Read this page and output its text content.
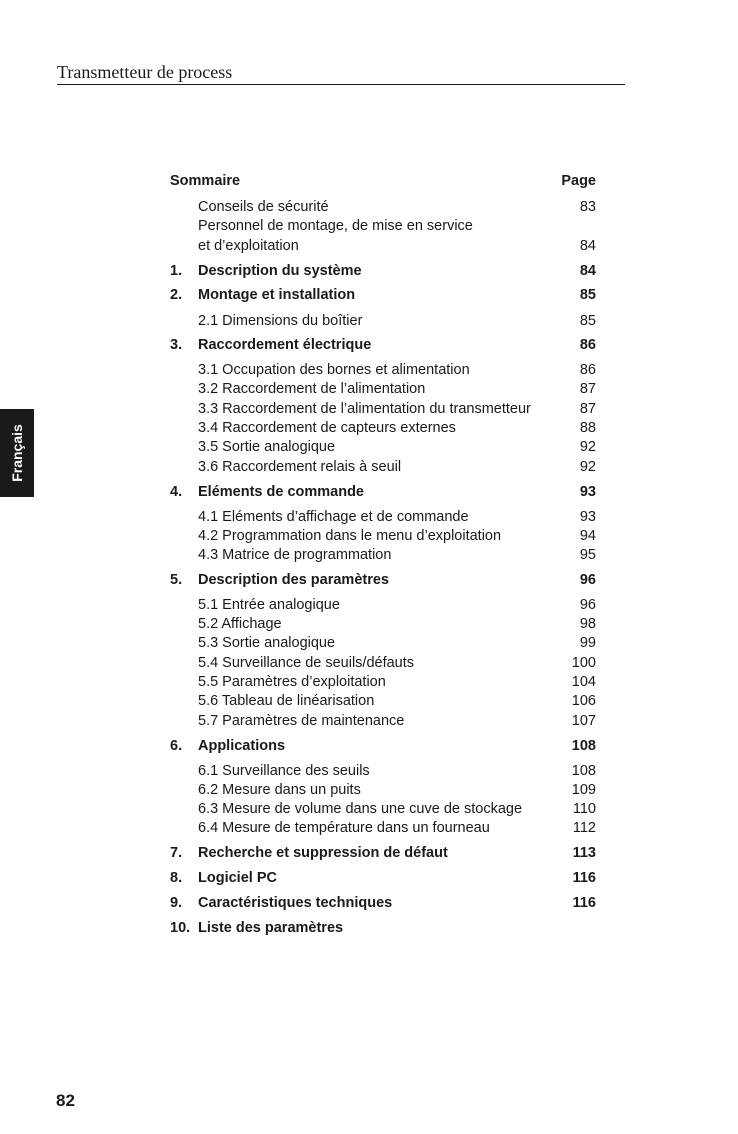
Transmetteur de process
Français
Sommaire	Page
Conseils de sécurité	83
Personnel de montage, de mise en service
et d’exploitation	84
1. Description du système	84
2. Montage et installation	85
2.1 Dimensions du boîtier	85
3. Raccordement électrique	86
3.1 Occupation des bornes et alimentation	86
3.2 Raccordement de l’alimentation	87
3.3 Raccordement de l’alimentation du transmetteur	87
3.4 Raccordement de capteurs externes	88
3.5 Sortie analogique	92
3.6 Raccordement relais à seuil	92
4. Eléments de commande	93
4.1 Eléments d’affichage et de commande	93
4.2 Programmation dans le menu d’exploitation	94
4.3 Matrice de programmation	95
5. Description des paramètres	96
5.1 Entrée analogique	96
5.2 Affichage	98
5.3 Sortie analogique	99
5.4 Surveillance de seuils/défauts	100
5.5 Paramètres d’exploitation	104
5.6 Tableau de linéarisation	106
5.7 Paramètres de maintenance	107
6. Applications	108
6.1 Surveillance des seuils	108
6.2 Mesure dans un puits	109
6.3 Mesure de volume dans une cuve de stockage	110
6.4 Mesure de température dans un fourneau	112
7. Recherche et suppression de défaut	113
8. Logiciel PC	116
9. Caractéristiques techniques	116
10. Liste des paramètres
82
